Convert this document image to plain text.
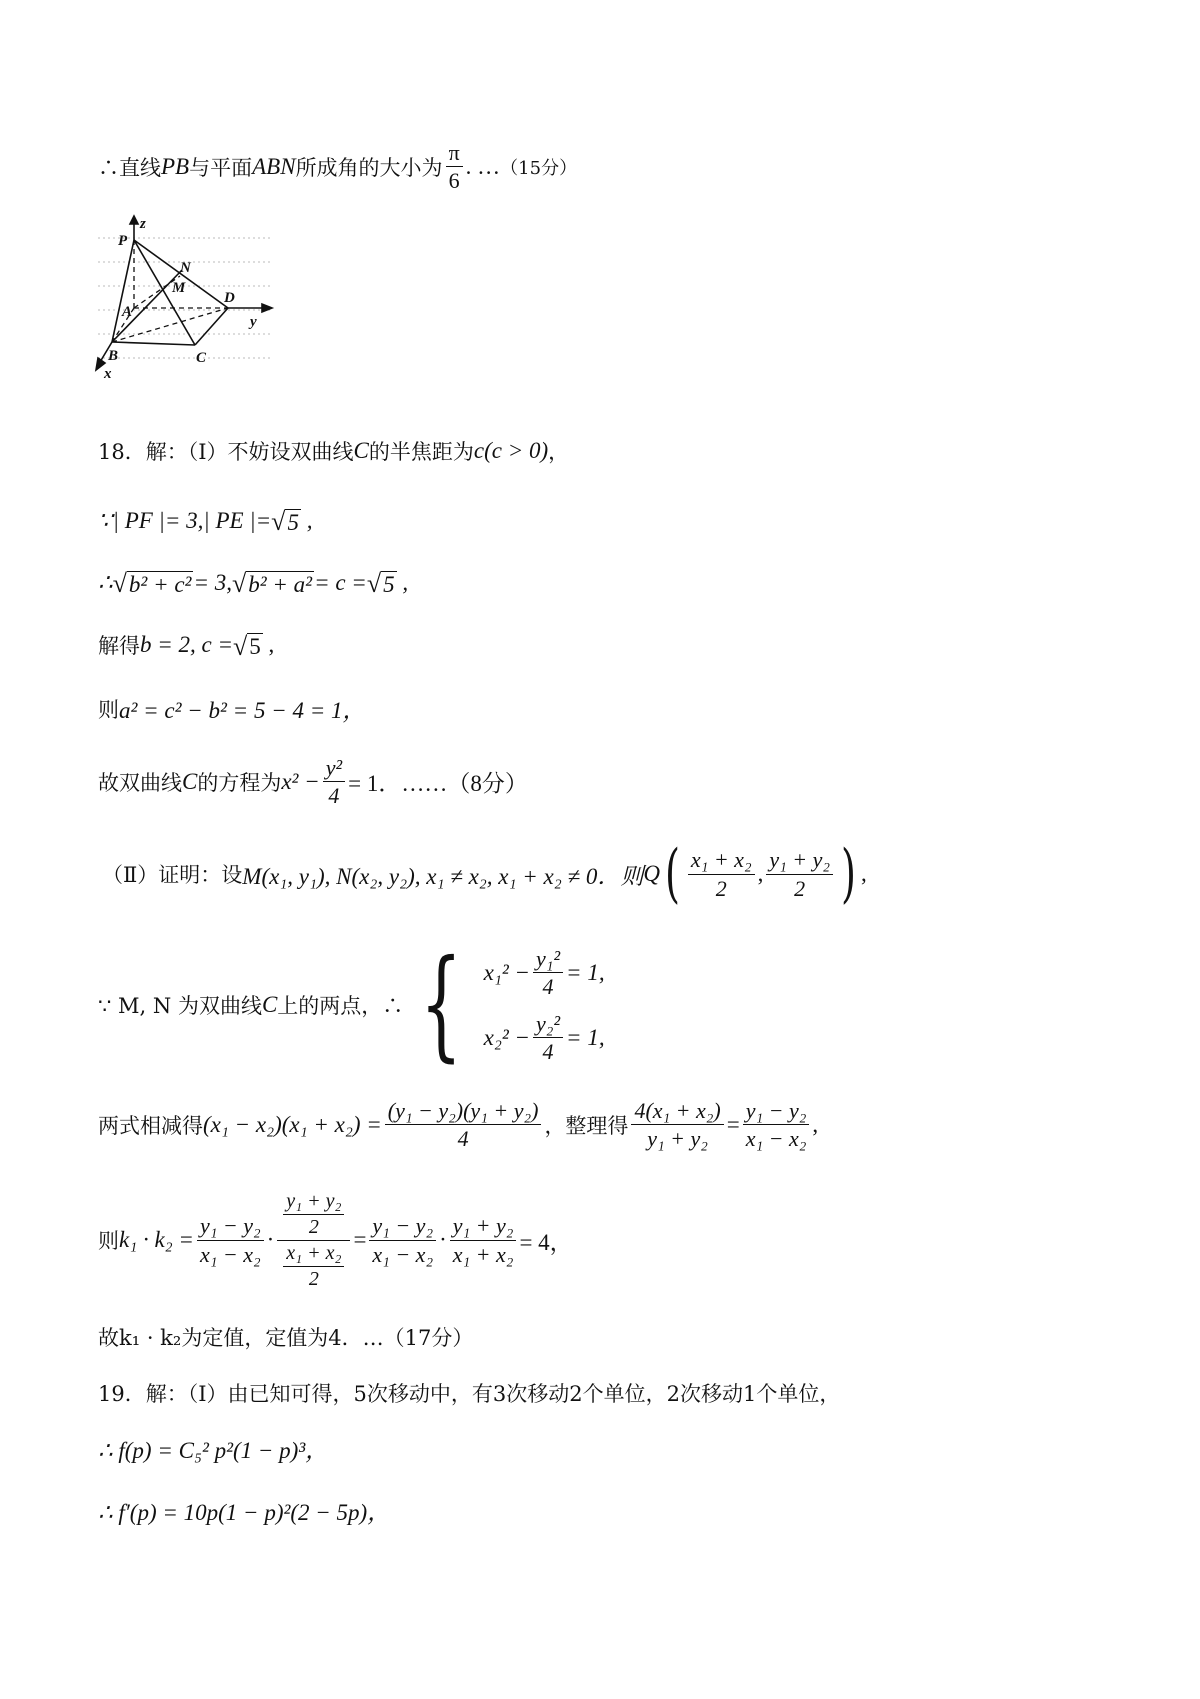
∴直线 PB 与平面 ABN 所成角的大小为 $\frac{\pi}{6}$ . … （15分）
z
P
N
M
A
D
y
B	C
x
18．解：（I）不妨设双曲线 C 的半焦距为 c(c > 0) ，
∵| PF |= 3,| PE |= √ 5 ,
∴ √ b² + c² = 3, √ b² + a² = c = √ 5 ,
解得 b = 2, c = √ 5 ,
则 a² = c² − b² = 5 − 4 = 1，
故双曲线 C 的方程为 $x^2 - \frac{\text{y²}}{4} = 1$．……（8分）
（Ⅱ）证明：设 M(x₁, y₁), N(x₂, y₂), x₁ ≠ x₂, x₁ + x₂ ≠ 0．则 Q ( $\frac{\text{x₁ + x₂}}{2}$ , $\frac{\text{y₁ + y₂}}{2}$ ) ,
∵ M, N 为双曲线 C 上的两点，∴ { $x_1^2 - \frac{\text{y₁²}}{4} = 1$,
$x_2^2 - \frac{\text{y₂²}}{4} = 1$,
两式相减得 $(x_1 - x_2)(x_1 + x_2) = \frac{\text{(y₁ − y₂)(y₁ + y₂)}}{4}$ ，整理得 $\frac{\text{4(x₁ + x₂)}}{\text{y₁ + y₂}} = \frac{\text{y₁ − y₂}}{\text{x₁ − x₂}}$ ,
则 $k_1 \cdot k_2 = \frac{\text{y₁ − y₂}}{\text{x₁ − x₂}} \cdot \frac{\frac{\text{y₁ + y₂}}{2}}{\frac{\text{x₁ + x₂}}{2}} = \frac{\text{y₁ − y₂}}{\text{x₁ − x₂}} \cdot \frac{\text{y₁ + y₂}}{\text{x₁ + x₂}} = 4$，
故k₁ · k₂为定值，定值为4．…（17分）
19．解：（I）由已知可得，5次移动中，有3次移动2个单位，2次移动1个单位，
∴ f(p) = C₅² p²(1 − p)³，
∴ f′(p) = 10p(1 − p)²(2 − 5p)，
